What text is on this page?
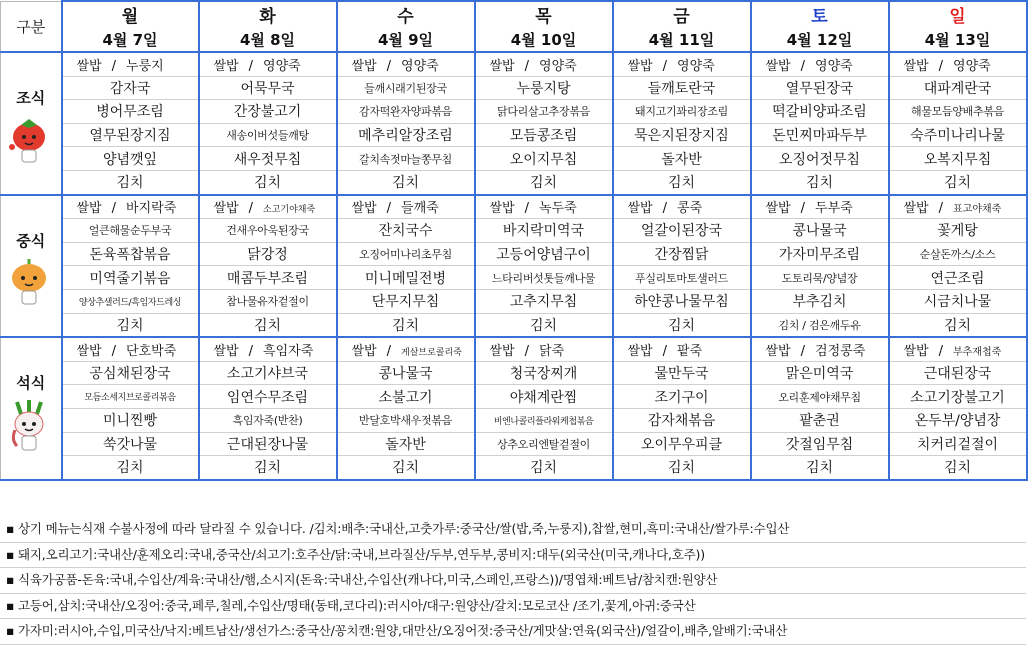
구분	월	화	수	목	금	토	일
	4월 7일	4월 8일	4월 9일	4월 10일	4월 11일	4월 12일	4월 13일

조식	쌀밥 / 누룽지	쌀밥 / 영양죽	쌀밥 / 영양죽	쌀밥 / 영양죽	쌀밥 / 영양죽	쌀밥 / 영양죽	쌀밥 / 영양죽
	감자국	어묵무국	들깨시래기된장국	누룽지탕	들깨토란국	열무된장국	대파계란국
	병어무조림	간장불고기	감자떡완자양파볶음	닭다리살고추장볶음	돼지고기꽈리장조림	떡갈비양파조림	해물모듬양배추볶음
	열무된장지짐	새송이버섯들깨탕	메추리알장조림	모듬콩조림	묵은지된장지짐	돈민찌마파두부	숙주미나리나물
	양념깻잎	새우젓무침	갈치속젓마늘쫑무침	오이지무침	돌자반	오징어젓무침	오복지무침
	김치	김치	김치	김치	김치	김치	김치

중식	쌀밥 / 바지락죽	쌀밥 / 소고기야채죽	쌀밥 / 들깨죽	쌀밥 / 녹두죽	쌀밥 / 콩죽	쌀밥 / 두부죽	쌀밥 / 표고야채죽
	얼큰해물순두부국	건새우아욱된장국	잔치국수	바지락미역국	얼갈이된장국	콩나물국	꽃게탕
	돈육폭찹볶음	닭강정	오징어미나리초무침	고등어양념구이	간장찜닭	가자미무조림	순살돈까스/소스
	미역줄기볶음	매콤두부조림	미니메밀전병	느타리버섯톳들깨나물	푸실리토마토샐러드	도토리묵/양념장	연근조림
	양상추샐러드/흑임자드레싱	참나물유자겉절이	단무지무침	고추지무침	하얀콩나물무침	부추김치	시금치나물
	김치	김치	김치	김치	김치	김치 / 검은깨두유	김치

석식	쌀밥 / 단호박죽	쌀밥 / 흑임자죽	쌀밥 / 게살브로콜리죽	쌀밥 / 닭죽	쌀밥 / 팥죽	쌀밥 / 검정콩죽	쌀밥 / 부추재첩죽
	공심채된장국	소고기샤브국	콩나물국	청국장찌개	물만두국	맑은미역국	근대된장국
	모듬소세지브로콜리볶음	임연수무조림	소불고기	야채계란찜	조기구이	오리훈제야채무침	소고기장불고기
	미니찐빵	흑임자죽(반찬)	반달호박새우젓볶음	비엔나콜리플라워케첩볶음	감자채볶음	팥춘권	온두부/양념장
	쑥갓나물	근대된장나물	돌자반	상추오리엔탈겉절이	오이무우피클	갓절임무침	치커리겉절이
	김치	김치	김치	김치	김치	김치	김치
▪ 상기 메뉴는식재 수불사정에 따라 달라질 수 있습니다. /김치:배추:국내산,고춧가루:중국산/쌀(밥,죽,누룽지),찹쌀,현미,흑미:국내산/쌀가루:수입산
▪ 돼지,오리고기:국내산/훈제오리:국내,중국산/쇠고기:호주산/닭:국내,브라질산/두부,연두부,콩비지:대두(외국산(미국,캐나다,호주))
▪ 식육가공품-돈육:국내,수입산/계육:국내산/햄,소시지(돈육:국내산,수입산(캐나다,미국,스페인,프랑스))/명엽채:베트남/참치캔:원양산
▪ 고등어,삼치:국내산/오징어:중국,페루,칠레,수입산/명태(동태,코다리):러시아/대구:원양산/갈치:모로코산 /조기,꽃게,아귀:중국산
▪ 가자미:러시아,수입,미국산/낙지:베트남산/생선가스:중국산/꽁치캔:원양,대만산/오징어젓:중국산/게맛살:연육(외국산)/얼갈이,배추,알배기:국내산
